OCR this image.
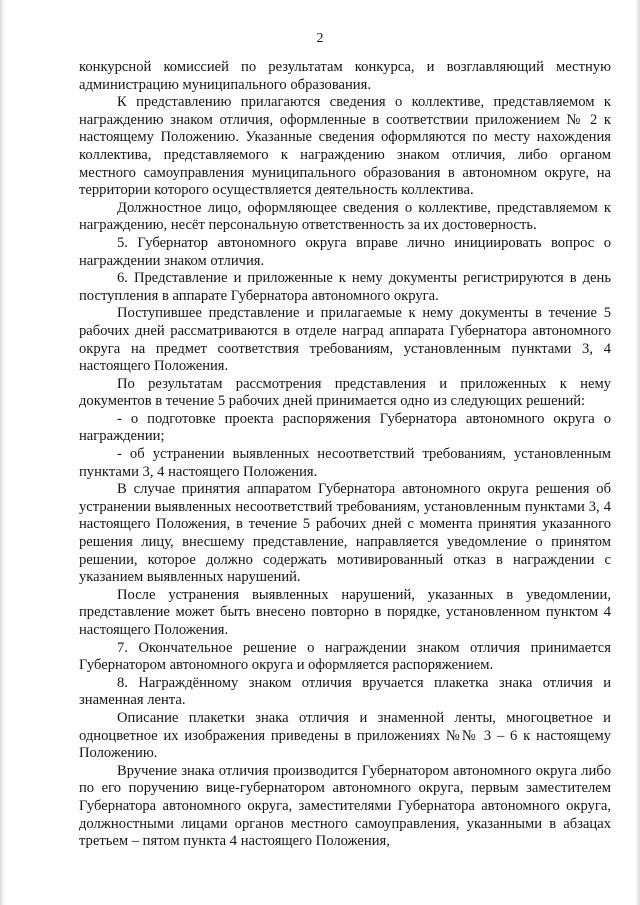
2

конкурсной комиссией по результатам конкурса, и возглавляющий местную администрацию муниципального образования.

К представлению прилагаются сведения о коллективе, представляемом к награждению знаком отличия, оформленные в соответствии приложением № 2 к настоящему Положению. Указанные сведения оформляются по месту нахождения коллектива, представляемого к награждению знаком отличия, либо органом местного самоуправления муниципального образования в автономном округе, на территории которого осуществляется деятельность коллектива.

Должностное лицо, оформляющее сведения о коллективе, представляемом к награждению, несёт персональную ответственность за их достоверность.

5. Губернатор автономного округа вправе лично инициировать вопрос о награждении знаком отличия.

6. Представление и приложенные к нему документы регистрируются в день поступления в аппарате Губернатора автономного округа.

Поступившее представление и прилагаемые к нему документы в течение 5 рабочих дней рассматриваются в отделе наград аппарата Губернатора автономного округа на предмет соответствия требованиям, установленным пунктами 3, 4 настоящего Положения.

По результатам рассмотрения представления и приложенных к нему документов в течение 5 рабочих дней принимается одно из следующих решений:

- о подготовке проекта распоряжения Губернатора автономного округа о награждении;

- об устранении выявленных несоответствий требованиям, установленным пунктами 3, 4 настоящего Положения.

В случае принятия аппаратом Губернатора автономного округа решения об устранении выявленных несоответствий требованиям, установленным пунктами 3, 4 настоящего Положения, в течение 5 рабочих дней с момента принятия указанного решения лицу, внесшему представление, направляется уведомление о принятом решении, которое должно содержать мотивированный отказ в награждении с указанием выявленных нарушений.

После устранения выявленных нарушений, указанных в уведомлении, представление может быть внесено повторно в порядке, установленном пунктом 4 настоящего Положения.

7. Окончательное решение о награждении знаком отличия принимается Губернатором автономного округа и оформляется распоряжением.

8. Награждённому знаком отличия вручается плакетка знака отличия и знаменная лента.

Описание плакетки знака отличия и знаменной ленты, многоцветное и одноцветное их изображения приведены в приложениях №№ 3 – 6 к настоящему Положению.

Вручение знака отличия производится Губернатором автономного округа либо по его поручению вице-губернатором автономного округа, первым заместителем Губернатора автономного округа, заместителями Губернатора автономного округа, должностными лицами органов местного самоуправления, указанными в абзацах третьем – пятом пункта 4 настоящего Положения,
